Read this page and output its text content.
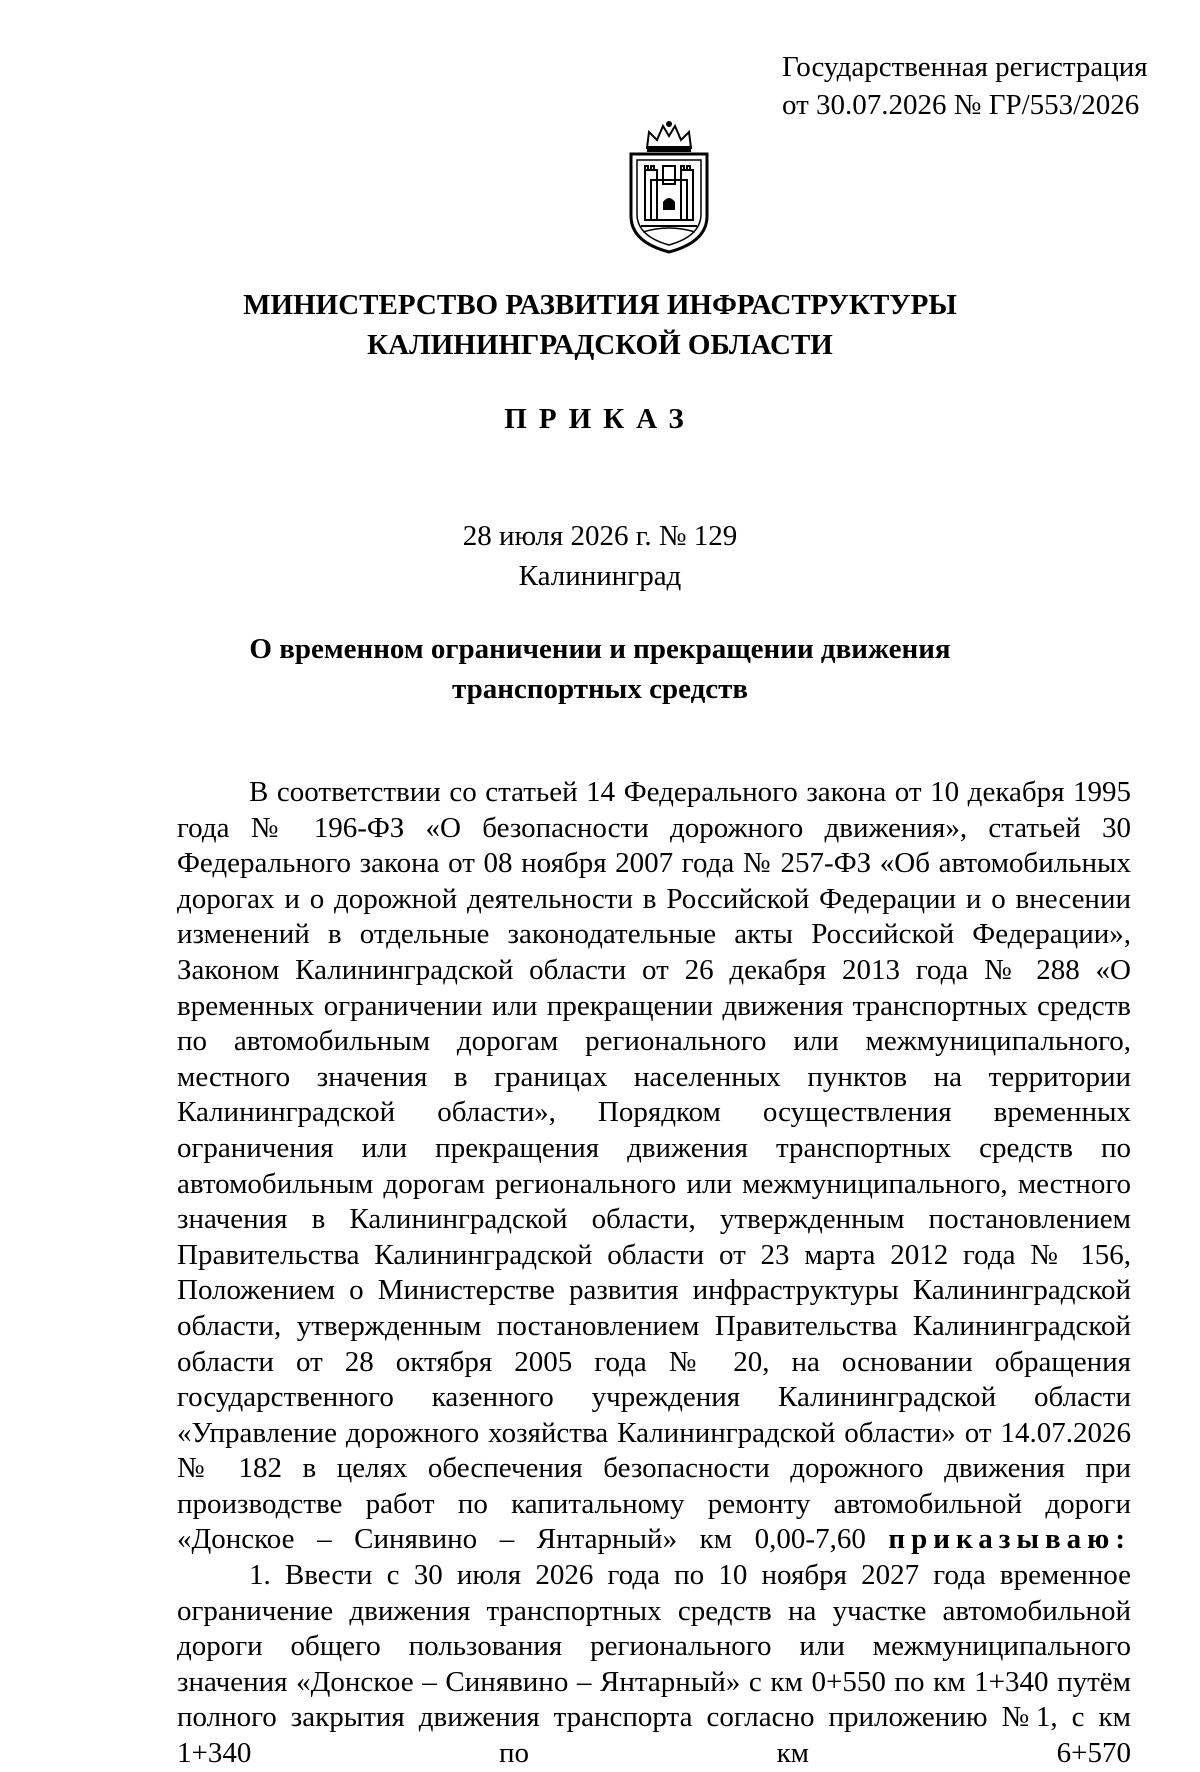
Государственная регистрация
от 30.07.2026 № ГР/553/2026
МИНИСТЕРСТВО РАЗВИТИЯ ИНФРАСТРУКТУРЫ
КАЛИНИНГРАДСКОЙ ОБЛАСТИ
ПРИКАЗ
28 июля 2026 г. № 129
Калининград
О временном ограничении и прекращении движения
транспортных средств

В соответствии со статьей 14 Федерального закона от 10 декабря 1995 года № 196-ФЗ «О безопасности дорожного движения», статьей 30 Федерального закона от 08 ноября 2007 года № 257-ФЗ «Об автомобильных дорогах и о дорожной деятельности в Российской Федерации и о внесении изменений в отдельные законодательные акты Российской Федерации», Законом Калининградской области от 26 декабря 2013 года № 288 «О временных ограничении или прекращении движения транспортных средств по автомобильным дорогам регионального или межмуниципального, местного значения в границах населенных пунктов на территории Калининградской области», Порядком осуществления временных ограничения или прекращения движения транспортных средств по автомобильным дорогам регионального или межмуниципального, местного значения в Калининградской области, утвержденным постановлением Правительства Калининградской области от 23 марта 2012 года № 156, Положением о Министерстве развития инфраструктуры Калининградской области, утвержденным постановлением Правительства Калининградской области от 28 октября 2005 года № 20, на основании обращения государственного казенного учреждения Калининградской области «Управление дорожного хозяйства Калининградской области» от 14.07.2026 № 182 в целях обеспечения безопасности дорожного движения при производстве работ по капитальному ремонту автомобильной дороги «Донское – Синявино – Янтарный» км 0,00-7,60 приказываю:

1. Ввести с 30 июля 2026 года по 10 ноября 2027 года временное ограничение движения транспортных средств на участке автомобильной дороги общего пользования регионального или межмуниципального значения «Донское – Синявино – Янтарный» с км 0+550 по км 1+340 путём полного закрытия движения транспорта согласно приложению №1, с км 1+340 по км 6+570
